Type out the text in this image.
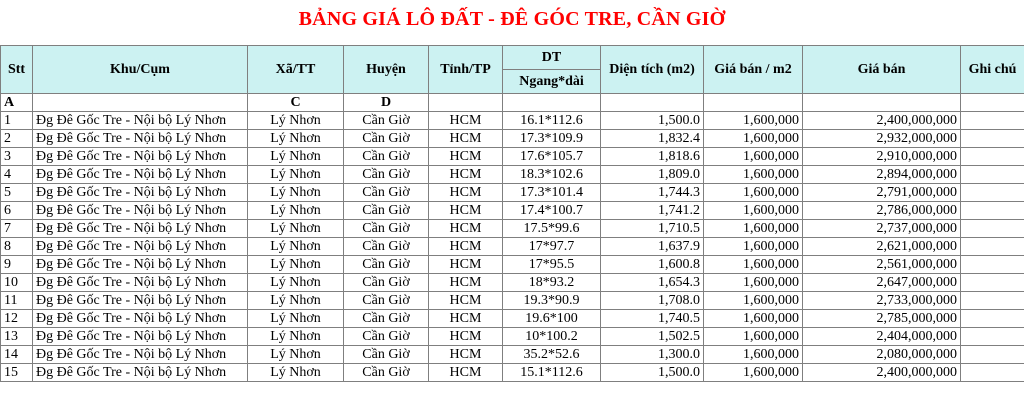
BẢNG GIÁ LÔ ĐẤT - ĐÊ GÓC TRE, CẦN GIỜ
Stt	Khu/Cụm	Xã/TT	Huyện	Tỉnh/TP	DT	Diện tích (m2)	Giá bán / m2	Giá bán	Ghi chú
					Ngang*dài				
A		C	D						
1	Đg Đê Gốc Tre - Nội bộ Lý Nhơn	Lý Nhơn	Cần Giờ	HCM	16.1*112.6	1,500.0	1,600,000	2,400,000,000	
2	Đg Đê Gốc Tre - Nội bộ Lý Nhơn	Lý Nhơn	Cần Giờ	HCM	17.3*109.9	1,832.4	1,600,000	2,932,000,000	
3	Đg Đê Gốc Tre - Nội bộ Lý Nhơn	Lý Nhơn	Cần Giờ	HCM	17.6*105.7	1,818.6	1,600,000	2,910,000,000	
4	Đg Đê Gốc Tre - Nội bộ Lý Nhơn	Lý Nhơn	Cần Giờ	HCM	18.3*102.6	1,809.0	1,600,000	2,894,000,000	
5	Đg Đê Gốc Tre - Nội bộ Lý Nhơn	Lý Nhơn	Cần Giờ	HCM	17.3*101.4	1,744.3	1,600,000	2,791,000,000	
6	Đg Đê Gốc Tre - Nội bộ Lý Nhơn	Lý Nhơn	Cần Giờ	HCM	17.4*100.7	1,741.2	1,600,000	2,786,000,000	
7	Đg Đê Gốc Tre - Nội bộ Lý Nhơn	Lý Nhơn	Cần Giờ	HCM	17.5*99.6	1,710.5	1,600,000	2,737,000,000	
8	Đg Đê Gốc Tre - Nội bộ Lý Nhơn	Lý Nhơn	Cần Giờ	HCM	17*97.7	1,637.9	1,600,000	2,621,000,000	
9	Đg Đê Gốc Tre - Nội bộ Lý Nhơn	Lý Nhơn	Cần Giờ	HCM	17*95.5	1,600.8	1,600,000	2,561,000,000	
10	Đg Đê Gốc Tre - Nội bộ Lý Nhơn	Lý Nhơn	Cần Giờ	HCM	18*93.2	1,654.3	1,600,000	2,647,000,000	
11	Đg Đê Gốc Tre - Nội bộ Lý Nhơn	Lý Nhơn	Cần Giờ	HCM	19.3*90.9	1,708.0	1,600,000	2,733,000,000	
12	Đg Đê Gốc Tre - Nội bộ Lý Nhơn	Lý Nhơn	Cần Giờ	HCM	19.6*100	1,740.5	1,600,000	2,785,000,000	
13	Đg Đê Gốc Tre - Nội bộ Lý Nhơn	Lý Nhơn	Cần Giờ	HCM	10*100.2	1,502.5	1,600,000	2,404,000,000	
14	Đg Đê Gốc Tre - Nội bộ Lý Nhơn	Lý Nhơn	Cần Giờ	HCM	35.2*52.6	1,300.0	1,600,000	2,080,000,000	
15	Đg Đê Gốc Tre - Nội bộ Lý Nhơn	Lý Nhơn	Cần Giờ	HCM	15.1*112.6	1,500.0	1,600,000	2,400,000,000	
